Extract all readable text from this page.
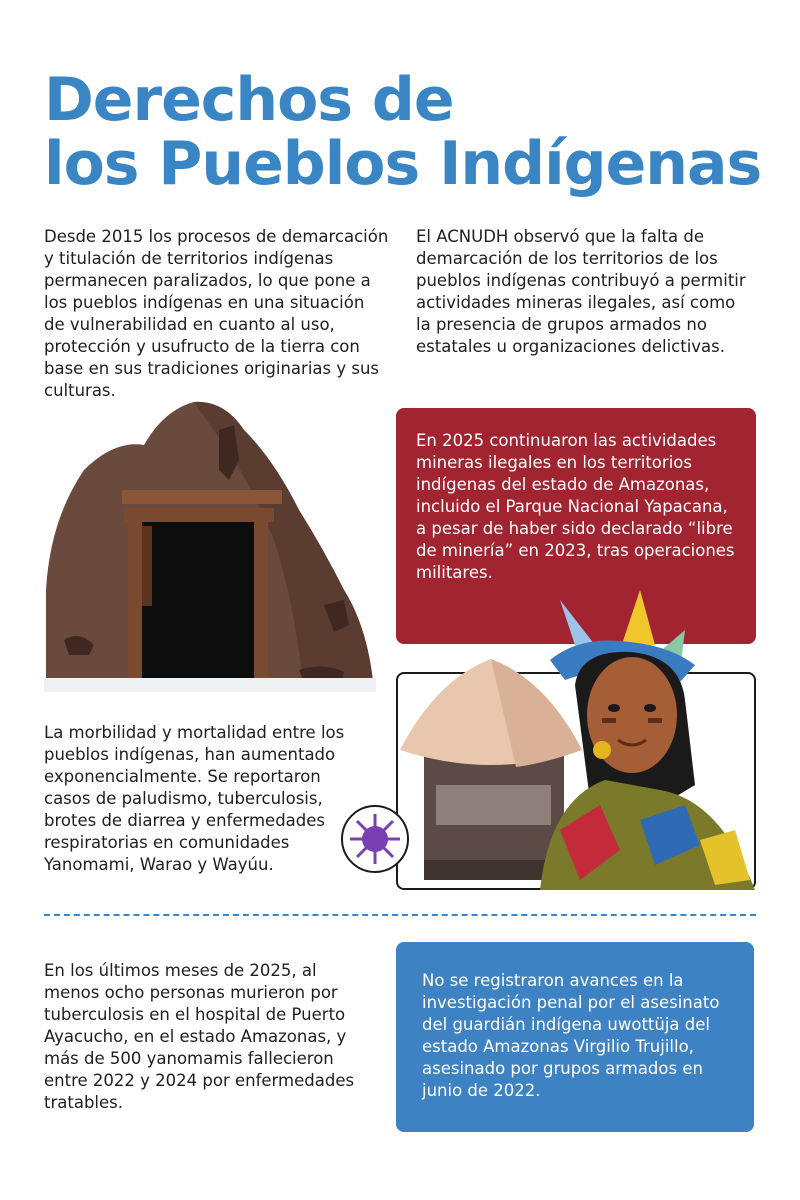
Derechos de
los Pueblos Indígenas

Desde 2015 los procesos de demarcación y titulación de territorios indígenas permanecen paralizados, lo que pone a los pueblos indígenas en una situación de vulnerabilidad en cuanto al uso, protección y usufructo de la tierra con base en sus tradiciones originarias y sus culturas.

El ACNUDH observó que la falta de demarcación de los territorios de los pueblos indígenas contribuyó a permitir actividades mineras ilegales, así como la presencia de grupos armados no estatales u organizaciones delictivas.

En 2025 continuaron las actividades mineras ilegales en los territorios indígenas del estado de Amazonas, incluido el Parque Nacional Yapacana, a pesar de haber sido declarado “libre de minería” en 2023, tras operaciones militares.

La morbilidad y mortalidad entre los pueblos indígenas, han aumentado exponencialmente. Se reportaron casos de paludismo, tuberculosis, brotes de diarrea y enfermedades respiratorias en comunidades Yanomami, Warao y Wayúu.

En los últimos meses de 2025, al menos ocho personas murieron por tuberculosis en el hospital de Puerto Ayacucho, en el estado Amazonas, y más de 500 yanomamis fallecieron entre 2022 y 2024 por enfermedades tratables.

No se registraron avances en la investigación penal por el asesinato del guardián indígena uwottüja del estado Amazonas Virgilio Trujillo, asesinado por grupos armados en junio de 2022.
